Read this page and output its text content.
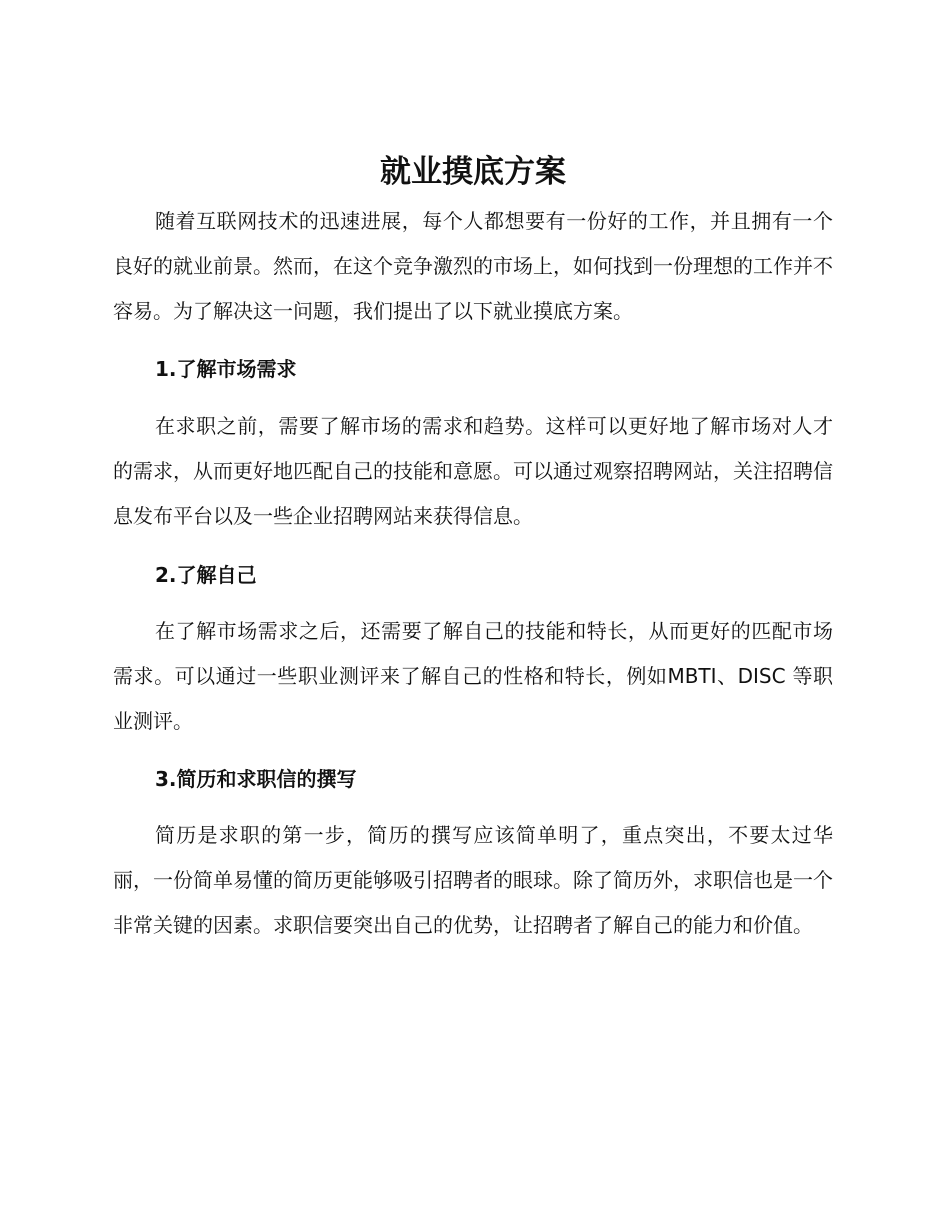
就业摸底方案

随着互联网技术的迅速进展，每个人都想要有一份好的工作，并且拥有一个良好的就业前景。然而，在这个竞争激烈的市场上，如何找到一份理想的工作并不容易。为了解决这一问题，我们提出了以下就业摸底方案。

1.了解市场需求

在求职之前，需要了解市场的需求和趋势。这样可以更好地了解市场对人才的需求，从而更好地匹配自己的技能和意愿。可以通过观察招聘网站，关注招聘信息发布平台以及一些企业招聘网站来获得信息。

2.了解自己

在了解市场需求之后，还需要了解自己的技能和特长，从而更好的匹配市场需求。可以通过一些职业测评来了解自己的性格和特长，例如MBTI、DISC 等职业测评。

3.简历和求职信的撰写

简历是求职的第一步，简历的撰写应该简单明了，重点突出，不要太过华丽，一份简单易懂的简历更能够吸引招聘者的眼球。除了简历外，求职信也是一个非常关键的因素。求职信要突出自己的优势，让招聘者了解自己的能力和价值。
